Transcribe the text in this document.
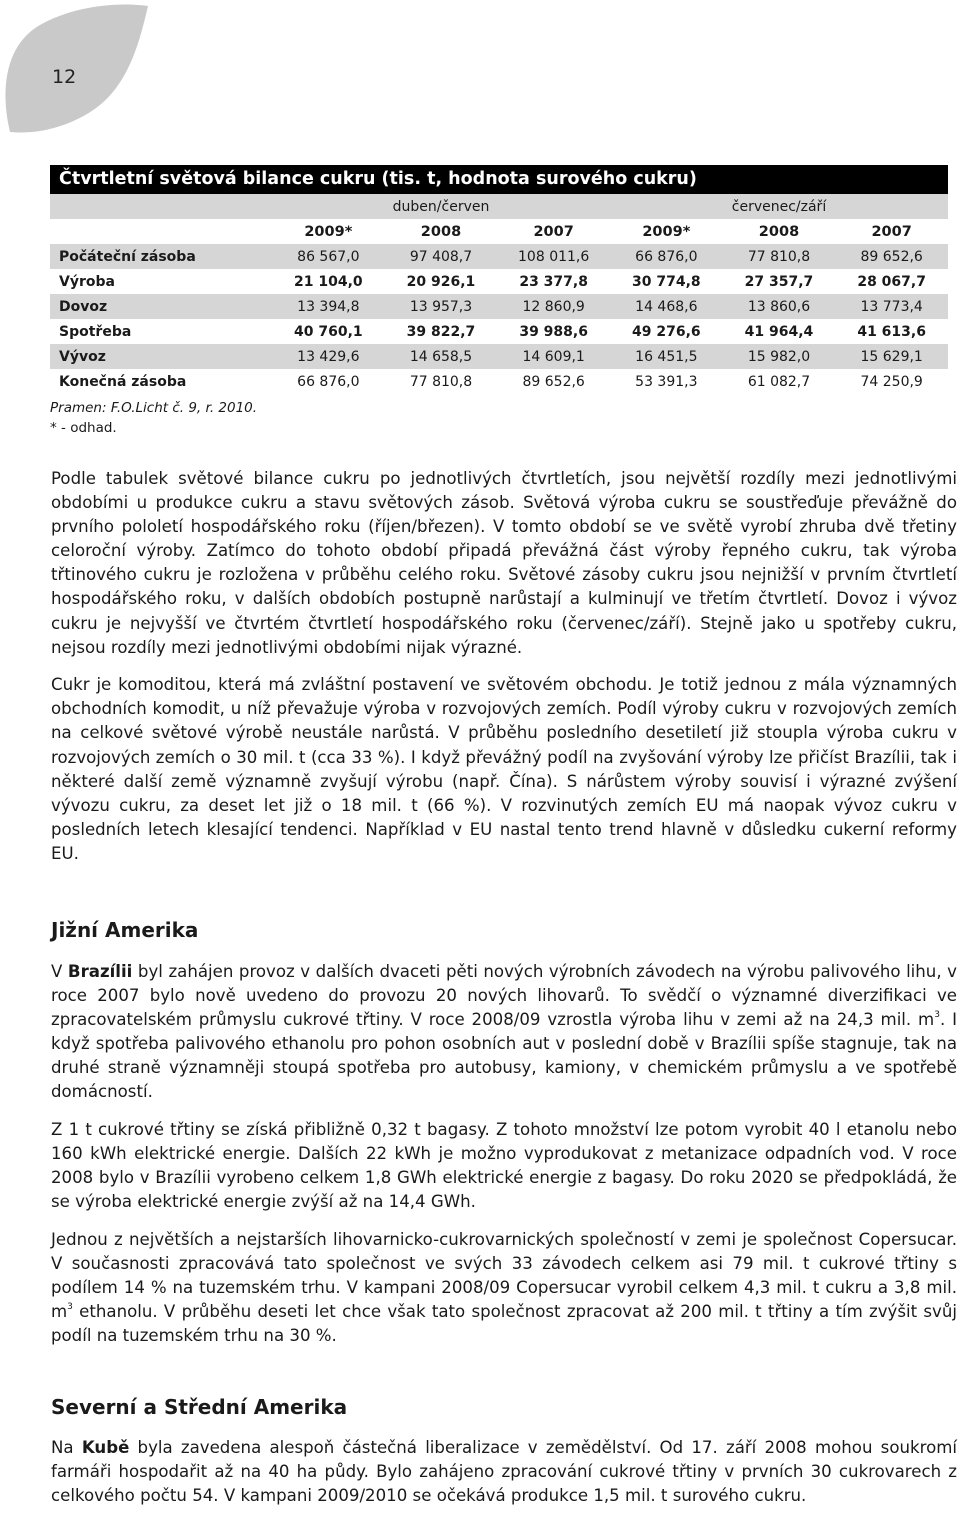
12
Čtvrtletní světová bilance cukru (tis. t, hodnota surového cukru)
	duben/červen			červenec/září		
	2009*	2008	2007	2009*	2008	2007
Počáteční zásoba	86 567,0	97 408,7	108 011,6	66 876,0	77 810,8	89 652,6
Výroba	21 104,0	20 926,1	23 377,8	30 774,8	27 357,7	28 067,7
Dovoz	13 394,8	13 957,3	12 860,9	14 468,6	13 860,6	13 773,4
Spotřeba	40 760,1	39 822,7	39 988,6	49 276,6	41 964,4	41 613,6
Vývoz	13 429,6	14 658,5	14 609,1	16 451,5	15 982,0	15 629,1
Konečná zásoba	66 876,0	77 810,8	89 652,6	53 391,3	61 082,7	74 250,9
Pramen: F.O.Licht č. 9, r. 2010.
* - odhad.

Podle tabulek světové bilance cukru po jednotlivých čtvrtletích, jsou největší rozdíly mezi jednotlivými obdobími u produkce cukru a stavu světových zásob. Světová výroba cukru se soustřeďuje převážně do prvního pololetí hospodářského roku (říjen/březen). V tomto období se ve světě vyrobí zhruba dvě třetiny celoroční výroby. Zatímco do tohoto období připadá převážná část výroby řepného cukru, tak výroba třtinového cukru je rozložena v průběhu celého roku. Světové zásoby cukru jsou nejnižší v prvním čtvrtletí hospodářského roku, v dalších obdobích postupně narůstají a kulminují ve třetím čtvrtletí. Dovoz i vývoz cukru je nejvyšší ve čtvrtém čtvrtletí hospodářského roku (červenec/září). Stejně jako u spotřeby cukru, nejsou rozdíly mezi jednotlivými obdobími nijak výrazné.

Cukr je komoditou, která má zvláštní postavení ve světovém obchodu. Je totiž jednou z mála významných obchodních komodit, u níž převažuje výroba v rozvojových zemích. Podíl výroby cukru v rozvojových zemích na celkové světové výrobě neustále narůstá. V průběhu posledního desetiletí již stoupla výroba cukru v rozvojových zemích o 30 mil. t (cca 33 %). I když převážný podíl na zvyšování výroby lze přičíst Brazílii, tak i některé další země významně zvyšují výrobu (např. Čína). S nárůstem výroby souvisí i výrazné zvýšení vývozu cukru, za deset let již o 18 mil. t (66 %). V rozvinutých zemích EU má naopak vývoz cukru v posledních letech klesající tendenci. Například v EU nastal tento trend hlavně v důsledku cukerní reformy EU.

Jižní Amerika

V Brazílii byl zahájen provoz v dalších dvaceti pěti nových výrobních závodech na výrobu palivového lihu, v roce 2007 bylo nově uvedeno do provozu 20 nových lihovarů. To svědčí o významné diverzifikaci ve zpracovatelském průmyslu cukrové třtiny. V roce 2008/09 vzrostla výroba lihu v zemi až na 24,3 mil. $m^3$. I když spotřeba palivového ethanolu pro pohon osobních aut v poslední době v Brazílii spíše stagnuje, tak na druhé straně významněji stoupá spotřeba pro autobusy, kamiony, v chemickém průmyslu a ve spotřebě domácností.

Z 1 t cukrové třtiny se získá přibližně 0,32 t bagasy. Z tohoto množství lze potom vyrobit 40 l etanolu nebo 160 kWh elektrické energie. Dalších 22 kWh je možno vyprodukovat z metanizace odpadních vod. V roce 2008 bylo v Brazílii vyrobeno celkem 1,8 GWh elektrické energie z bagasy. Do roku 2020 se předpokládá, že se výroba elektrické energie zvýší až na 14,4 GWh.

Jednou z největších a nejstarších lihovarnicko-cukrovarnických společností v zemi je společnost Copersucar. V současnosti zpracovává tato společnost ve svých 33 závodech celkem asi 79 mil. t cukrové třtiny s podílem 14 % na tuzemském trhu. V kampani 2008/09 Copersucar vyrobil celkem 4,3 mil. t cukru a 3,8 mil. $m^3$ ethanolu. V průběhu deseti let chce však tato společnost zpracovat až 200 mil. t třtiny a tím zvýšit svůj podíl na tuzemském trhu na 30 %.

Severní a Střední Amerika

Na Kubě byla zavedena alespoň částečná liberalizace v zemědělství. Od 17. září 2008 mohou soukromí farmáři hospodařit až na 40 ha půdy. Bylo zahájeno zpracování cukrové třtiny v prvních 30 cukrovarech z celkového počtu 54. V kampani 2009/2010 se očekává produkce 1,5 mil. t surového cukru.
